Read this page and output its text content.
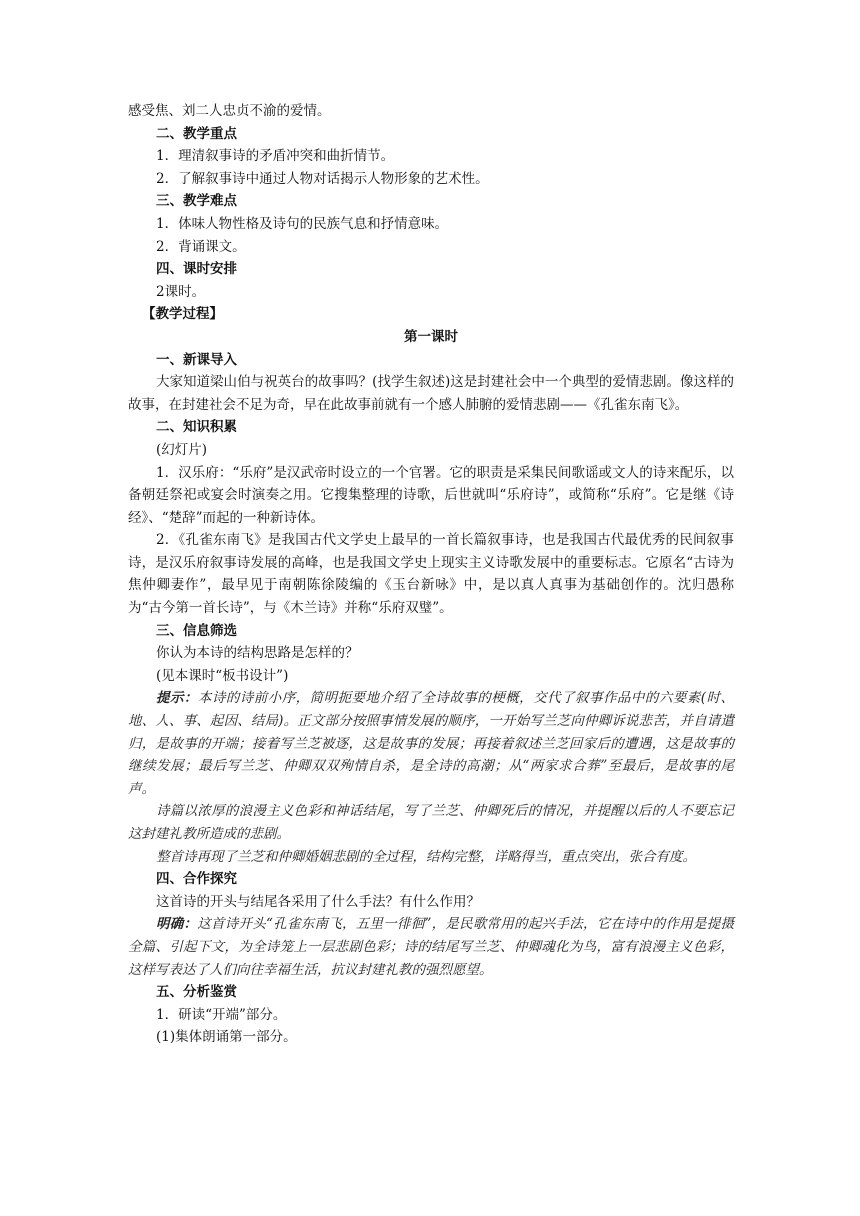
感受焦、刘二人忠贞不渝的爱情。

二、教学重点

1．理清叙事诗的矛盾冲突和曲折情节。

2．了解叙事诗中通过人物对话揭示人物形象的艺术性。

三、教学难点

1．体味人物性格及诗句的民族气息和抒情意味。

2．背诵课文。

四、课时安排

2课时。

【教学过程】

第一课时

一、新课导入

大家知道梁山伯与祝英台的故事吗？(找学生叙述)这是封建社会中一个典型的爱情悲剧。像这样的故事，在封建社会不足为奇，早在此故事前就有一个感人肺腑的爱情悲剧——《孔雀东南飞》。

二、知识积累

(幻灯片)

1．汉乐府：“乐府”是汉武帝时设立的一个官署。它的职责是采集民间歌谣或文人的诗来配乐，以备朝廷祭祀或宴会时演奏之用。它搜集整理的诗歌，后世就叫“乐府诗”，或简称“乐府”。它是继《诗经》、“楚辞”而起的一种新诗体。

2．《孔雀东南飞》是我国古代文学史上最早的一首长篇叙事诗，也是我国古代最优秀的民间叙事诗，是汉乐府叙事诗发展的高峰，也是我国文学史上现实主义诗歌发展中的重要标志。它原名“古诗为焦仲卿妻作”，最早见于南朝陈徐陵编的《玉台新咏》中，是以真人真事为基础创作的。沈归愚称为“古今第一首长诗”，与《木兰诗》并称“乐府双璧”。

三、信息筛选

你认为本诗的结构思路是怎样的？

(见本课时“板书设计”)

提示：本诗的诗前小序，简明扼要地介绍了全诗故事的梗概，交代了叙事作品中的六要素(时、地、人、事、起因、结局)。正文部分按照事情发展的顺序，一开始写兰芝向仲卿诉说悲苦，并自请遣归，是故事的开端；接着写兰芝被逐，这是故事的发展；再接着叙述兰芝回家后的遭遇，这是故事的继续发展；最后写兰芝、仲卿双双殉情自杀，是全诗的高潮；从“两家求合葬”至最后，是故事的尾声。

诗篇以浓厚的浪漫主义色彩和神话结尾，写了兰芝、仲卿死后的情况，并提醒以后的人不要忘记这封建礼教所造成的悲剧。

整首诗再现了兰芝和仲卿婚姻悲剧的全过程，结构完整，详略得当，重点突出，张合有度。

四、合作探究

这首诗的开头与结尾各采用了什么手法？有什么作用？

明确：这首诗开头“孔雀东南飞，五里一徘徊”，是民歌常用的起兴手法，它在诗中的作用是提摄全篇、引起下文，为全诗笼上一层悲剧色彩；诗的结尾写兰芝、仲卿魂化为鸟，富有浪漫主义色彩，这样写表达了人们向往幸福生活，抗议封建礼教的强烈愿望。

五、分析鉴赏

1．研读“开端”部分。

(1)集体朗诵第一部分。
